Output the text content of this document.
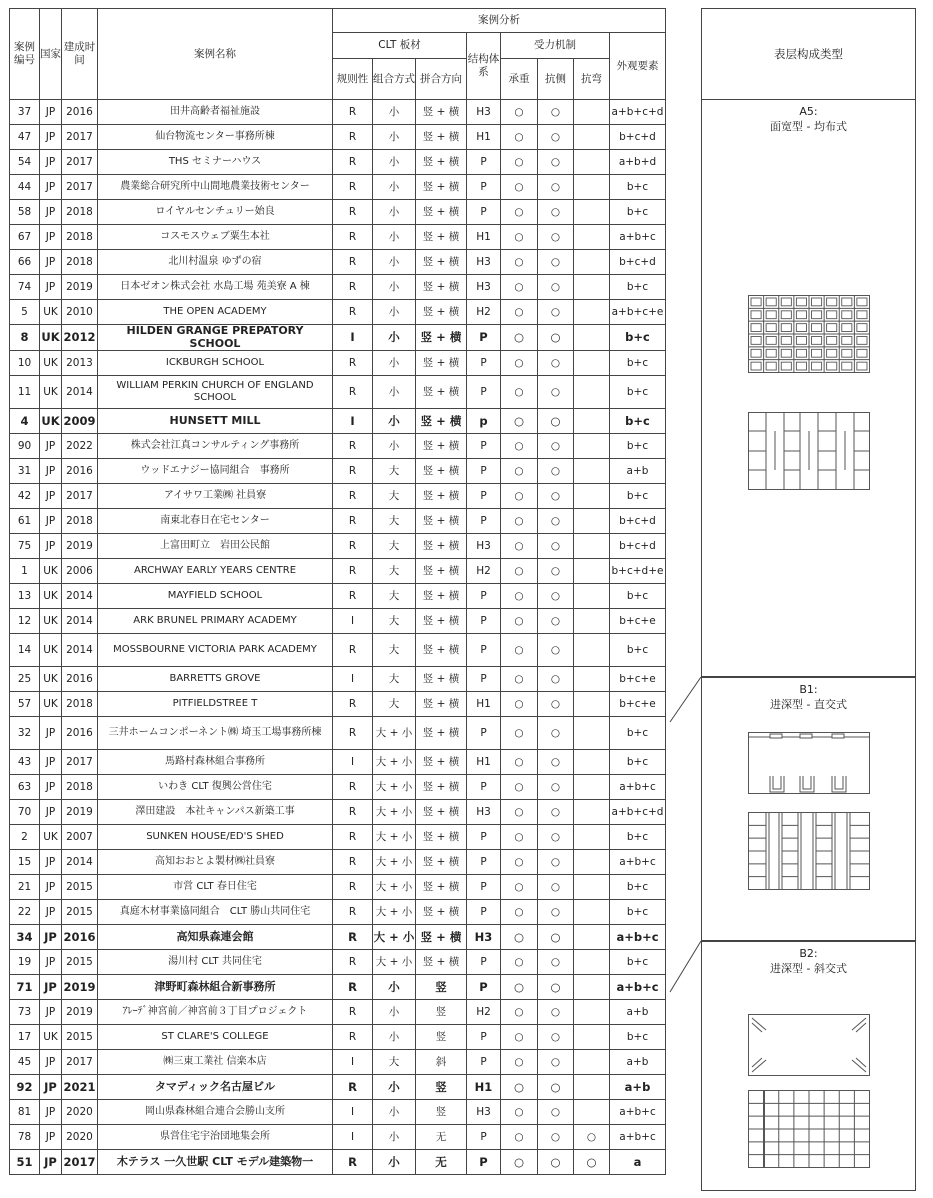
案例编号	国家	建成时间	案例名称	案例分析							
				CLT 板材			结构体系	受力机制			外观要素
				规则性	组合方式	拼合方向		承重	抗侧	抗弯	
37	JP	2016	田井高齢者福祉施設	R	小	竖 + 横	H3	○	○		a+b+c+d
47	JP	2017	仙台物流センター事務所棟	R	小	竖 + 横	H1	○	○		b+c+d
54	JP	2017	THS セミナーハウス	R	小	竖 + 横	P	○	○		a+b+d
44	JP	2017	農業総合研究所中山間地農業技術センター	R	小	竖 + 横	P	○	○		b+c
58	JP	2018	ロイヤルセンチュリー始良	R	小	竖 + 横	P	○	○		b+c
67	JP	2018	コスモスウェブ粟生本社	R	小	竖 + 横	H1	○	○		a+b+c
66	JP	2018	北川村温泉 ゆずの宿	R	小	竖 + 横	H3	○	○		b+c+d
74	JP	2019	日本ゼオン株式会社 水島工場 苑美寮 A 棟	R	小	竖 + 横	H3	○	○		b+c
5	UK	2010	THE OPEN ACADEMY	R	小	竖 + 横	H2	○	○		a+b+c+e
8	UK	2012	HILDEN GRANGE PREPATORY SCHOOL	I	小	竖 + 横	P	○	○		b+c
10	UK	2013	ICKBURGH SCHOOL	R	小	竖 + 横	P	○	○		b+c
11	UK	2014	WILLIAM PERKIN CHURCH OF ENGLAND SCHOOL	R	小	竖 + 横	P	○	○		b+c
4	UK	2009	HUNSETT MILL	I	小	竖 + 横	p	○	○		b+c
90	JP	2022	株式会社江真コンサルティング事務所	R	小	竖 + 横	P	○	○		b+c
31	JP	2016	ウッドエナジー協同組合　事務所	R	大	竖 + 横	P	○	○		a+b
42	JP	2017	アイサワ工業㈱ 社員寮	R	大	竖 + 横	P	○	○		b+c
61	JP	2018	南東北春日在宅センター	R	大	竖 + 横	P	○	○		b+c+d
75	JP	2019	上富田町立　岩田公民館	R	大	竖 + 横	H3	○	○		b+c+d
1	UK	2006	ARCHWAY EARLY YEARS CENTRE	R	大	竖 + 横	H2	○	○		b+c+d+e
13	UK	2014	MAYFIELD SCHOOL	R	大	竖 + 横	P	○	○		b+c
12	UK	2014	ARK BRUNEL PRIMARY ACADEMY	I	大	竖 + 横	P	○	○		b+c+e
14	UK	2014	MOSSBOURNE VICTORIA PARK ACADEMY	R	大	竖 + 横	P	○	○		b+c
25	UK	2016	BARRETTS GROVE	I	大	竖 + 横	P	○	○		b+c+e
57	UK	2018	PITFIELDSTREE T	R	大	竖 + 横	H1	○	○		b+c+e
32	JP	2016	三井ホームコンポーネント㈱ 埼玉工場事務所棟	R	大 + 小	竖 + 横	P	○	○		b+c
43	JP	2017	馬路村森林組合事務所	I	大 + 小	竖 + 横	H1	○	○		b+c
63	JP	2018	いわき CLT 復興公営住宅	R	大 + 小	竖 + 横	P	○	○		a+b+c
70	JP	2019	澤田建設　本社キャンパス新築工事	R	大 + 小	竖 + 横	H3	○	○		a+b+c+d
2	UK	2007	SUNKEN HOUSE/ED'S SHED	R	大 + 小	竖 + 横	P	○	○		b+c
15	JP	2014	高知おおとよ製材㈱社員寮	R	大 + 小	竖 + 横	P	○	○		a+b+c
21	JP	2015	市営 CLT 春日住宅	R	大 + 小	竖 + 横	P	○	○		b+c
22	JP	2015	真庭木材事業協同組合　CLT 勝山共同住宅	R	大 + 小	竖 + 横	P	○	○		b+c
34	JP	2016	高知県森連会館	R	大 + 小	竖 + 横	H3	○	○		a+b+c
19	JP	2015	湯川村 CLT 共同住宅	R	大 + 小	竖 + 横	P	○	○		b+c
71	JP	2019	津野町森林組合新事務所	R	小	竖	P	○	○		a+b+c
73	JP	2019	ｱﾚｰﾃﾞ神宮前／神宮前３丁目プロジェクト	R	小	竖	H2	○	○		a+b
17	UK	2015	ST CLARE'S COLLEGE	R	小	竖	P	○	○		b+c
45	JP	2017	㈱三東工業社 信楽本店	I	大	斜	P	○	○		a+b
92	JP	2021	タマディック名古屋ビル	R	小	竖	H1	○	○		a+b
81	JP	2020	岡山県森林組合連合会勝山支所	I	小	竖	H3	○	○		a+b+c
78	JP	2020	県営住宅宇治団地集会所	I	小	无	P	○	○	○	a+b+c
51	JP	2017	木テラス 一久世駅 CLT モデル建築物一	R	小	无	P	○	○	○	a
表层构成类型
A5:
面宽型 - 均布式
B1:
进深型 - 直交式
B2:
进深型 - 斜交式
